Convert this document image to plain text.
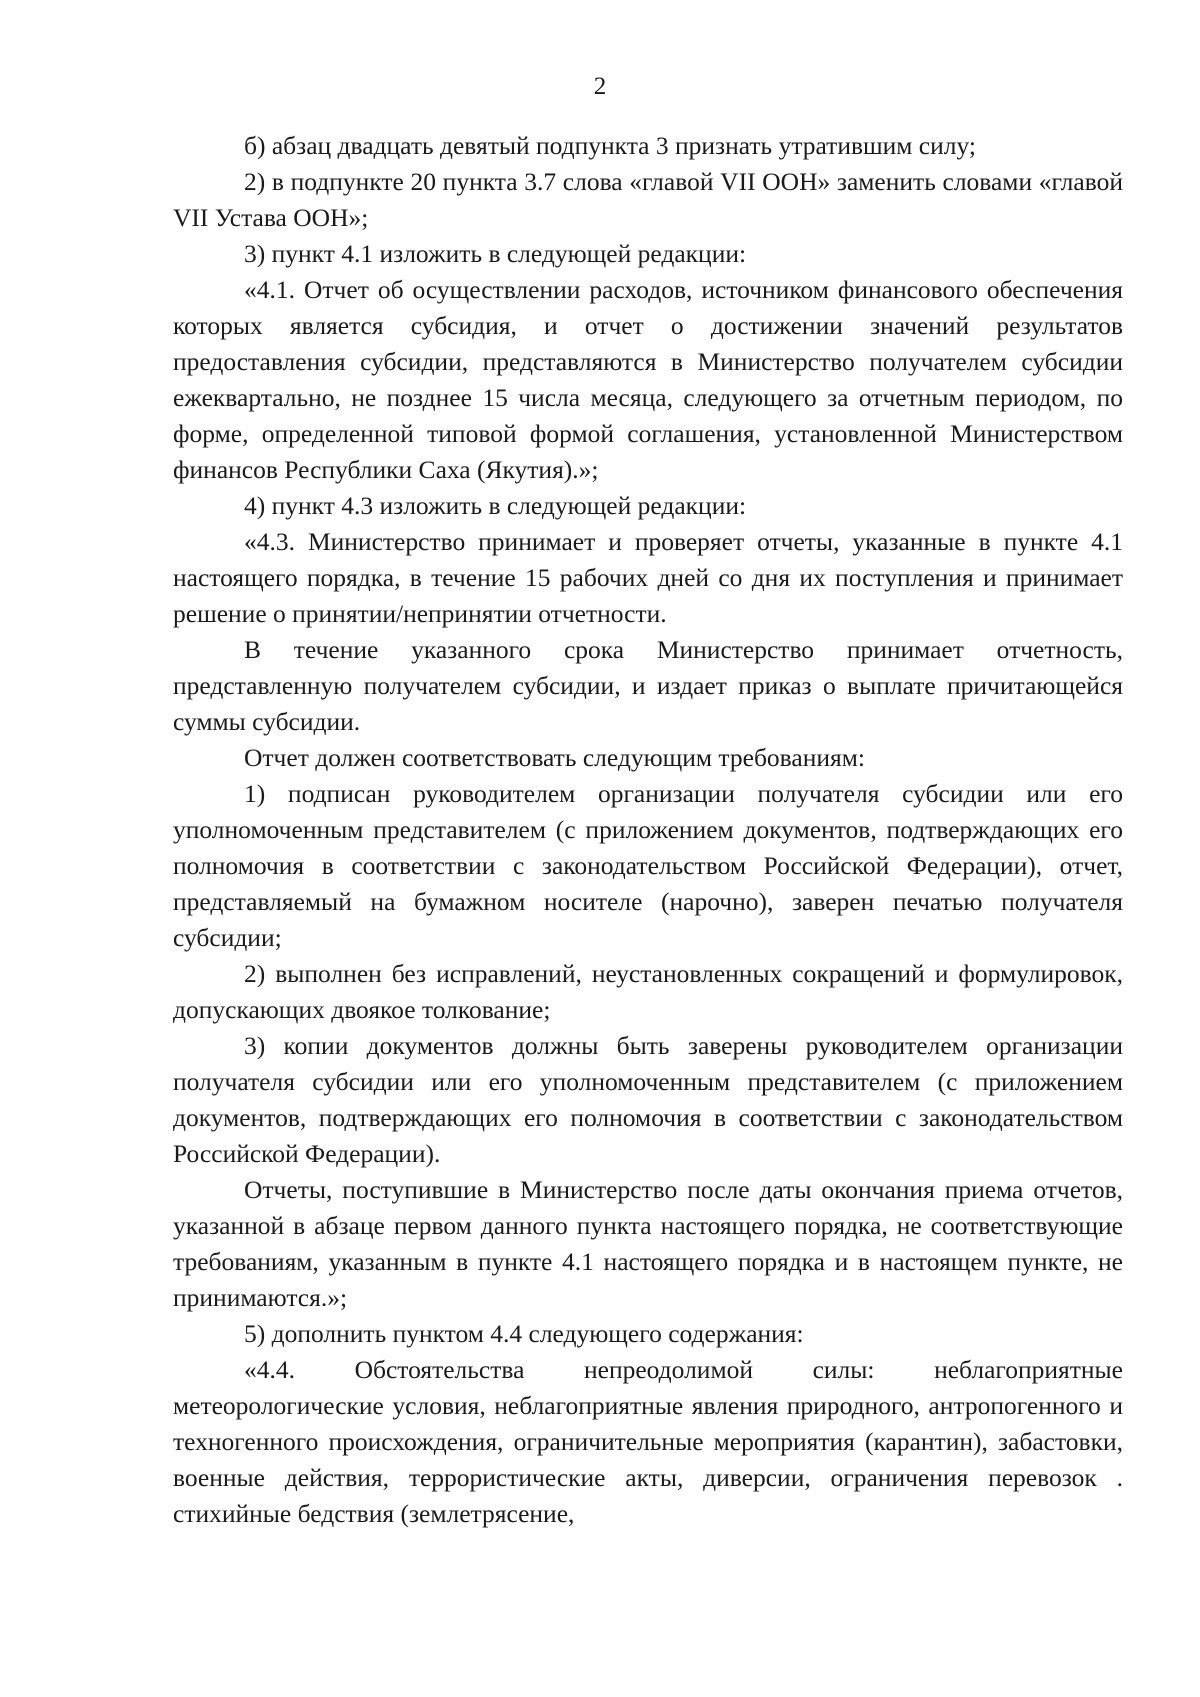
2

б) абзац двадцать девятый подпункта 3 признать утратившим силу;

2) в подпункте 20 пункта 3.7 слова «главой VII ООН» заменить словами «главой VII Устава ООН»;

3) пункт 4.1 изложить в следующей редакции:

«4.1. Отчет об осуществлении расходов, источником финансового обеспечения которых является субсидия, и отчет о достижении значений результатов предоставления субсидии, представляются в Министерство получателем субсидии ежеквартально, не позднее 15 числа месяца, следующего за отчетным периодом, по форме, определенной типовой формой соглашения, установленной Министерством финансов Республики Саха (Якутия).»;

4) пункт 4.3 изложить в следующей редакции:

«4.3. Министерство принимает и проверяет отчеты, указанные в пункте 4.1 настоящего порядка, в течение 15 рабочих дней со дня их поступления и принимает решение о принятии/непринятии отчетности.

В течение указанного срока Министерство принимает отчетность, представленную получателем субсидии, и издает приказ о выплате причитающейся суммы субсидии.

Отчет должен соответствовать следующим требованиям:

1) подписан руководителем организации получателя субсидии или его уполномоченным представителем (с приложением документов, подтверждающих его полномочия в соответствии с законодательством Российской Федерации), отчет, представляемый на бумажном носителе (нарочно), заверен печатью получателя субсидии;

2) выполнен без исправлений, неустановленных сокращений и формулировок, допускающих двоякое толкование;

3) копии документов должны быть заверены руководителем организации получателя субсидии или его уполномоченным представителем (с приложением документов, подтверждающих его полномочия в соответствии с законодательством Российской Федерации).

Отчеты, поступившие в Министерство после даты окончания приема отчетов, указанной в абзаце первом данного пункта настоящего порядка, не соответствующие требованиям, указанным в пункте 4.1 настоящего порядка и в настоящем пункте, не принимаются.»;

5) дополнить пунктом 4.4 следующего содержания:

«4.4. Обстоятельства непреодолимой силы: неблагоприятные метеорологические условия, неблагоприятные явления природного, антропогенного и техногенного происхождения, ограничительные мероприятия (карантин), забастовки, военные действия, террористические акты, диверсии, ограничения перевозок . стихийные бедствия (землетрясение,
